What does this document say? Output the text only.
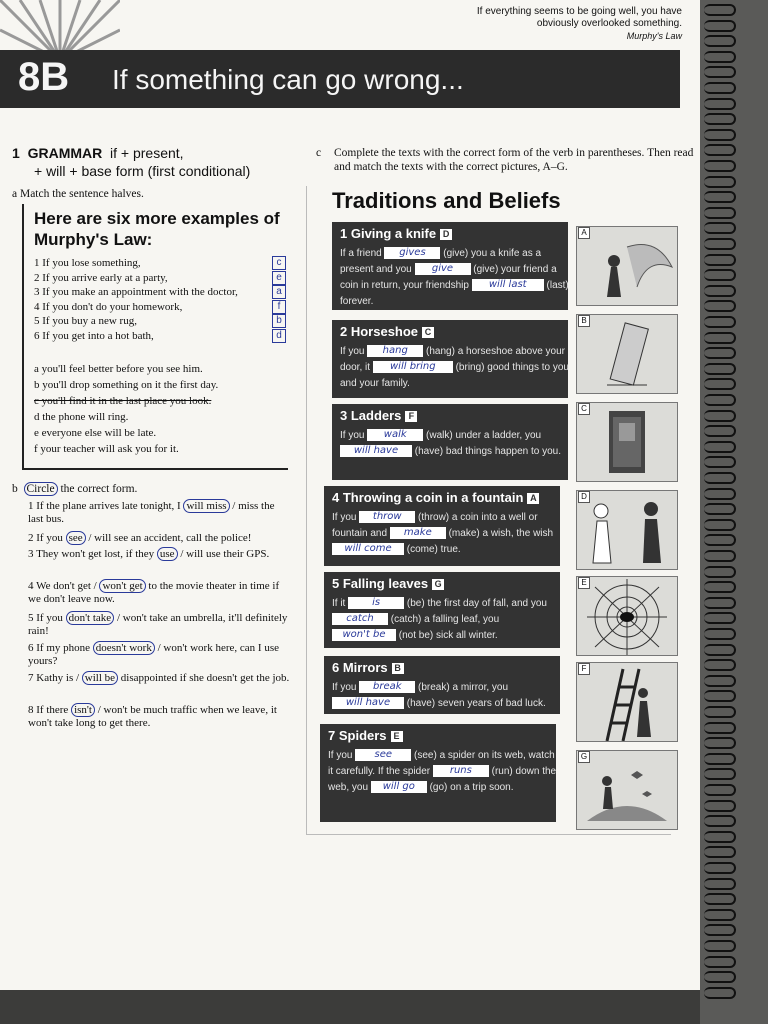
If everything seems to be going well, you have
obviously overlooked something.
Murphy's Law
8B If something can go wrong...
1 GRAMMAR if + present,
+ will + base form (first conditional)
a Match the sentence halves.
Here are six more examples of Murphy's Law:
1 If you lose something,	c
2 If you arrive early at a party,	e
3 If you make an appointment with the doctor,	a
4 If you don't do your homework,	f
5 If you buy a new rug,	b
6 If you get into a hot bath,	d
a you'll feel better before you see him.
b you'll drop something on it the first day.
c you'll find it in the last place you look.
d the phone will ring.
e everyone else will be late.
f your teacher will ask you for it.
b  Circle the correct form.
1 If the plane arrives late tonight, I will miss / miss the last bus.
2 If you see / will see an accident, call the police!
3 They won't get lost, if they use / will use their GPS.
4 We don't get / won't get to the movie theater in time if we don't leave now.
5 If you don't take / won't take an umbrella, it'll definitely rain!
6 If my phone doesn't work / won't work here, can I use yours?
7 Kathy is / will be disappointed if she doesn't get the job.
8 If there isn't / won't be much traffic when we leave, it won't take long to get there.
c Complete the texts with the correct form of the verb in parentheses. Then read and match the texts with the correct pictures, A–G.
Traditions and Beliefs
1 Giving a knife D
If a friend gives (give) you a knife as a present and you give (give) your friend a coin in return, your friendship will last (last) forever.
2 Horseshoe C
If you hang (hang) a horseshoe above your door, it will bring (bring) good things to you and your family.
3 Ladders F
If you walk (walk) under a ladder, you will have (have) bad things happen to you.
4 Throwing a coin in a fountain A
If you throw (throw) a coin into a well or fountain and make (make) a wish, the wish will come (come) true.
5 Falling leaves G
If it is (be) the first day of fall, and you catch (catch) a falling leaf, you won't be (not be) sick all winter.
6 Mirrors B
If you break (break) a mirror, you will have (have) seven years of bad luck.
7 Spiders E
If you see (see) a spider on its web, watch it carefully. If the spider runs (run) down the web, you will go (go) on a trip soon.
A
B
C
D
E
F
G
